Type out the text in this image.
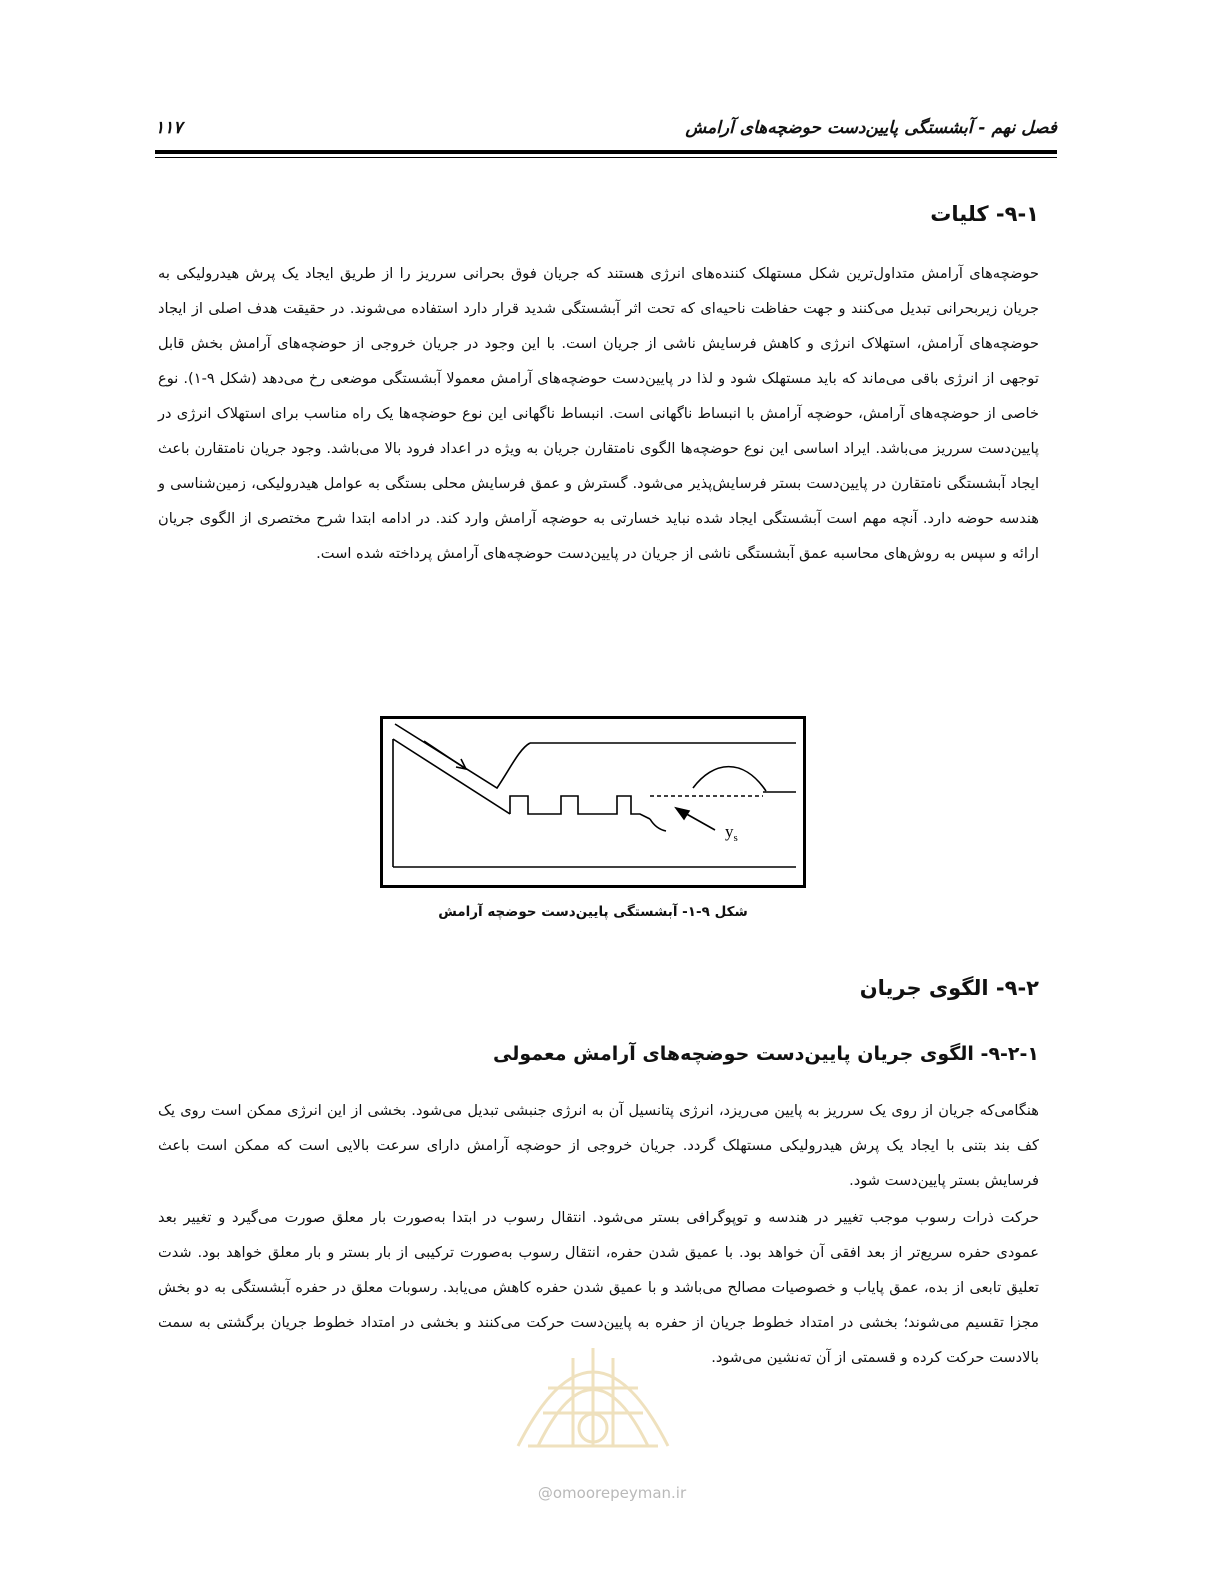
فصل نهم - آبشستگی پایین‌دست حوضچه‌های آرامش
۱۱۷
۹-۱- کلیات
حوضچه‌های آرامش متداول‌ترین شکل مستهلک کننده‌های انرژی هستند که جریان فوق بحرانی سرریز را از طریق ایجاد یک پرش هیدرولیکی به جریان زیربحرانی تبدیل می‌کنند و جهت حفاظت ناحیه‌ای که تحت اثر آبشستگی شدید قرار دارد استفاده می‌شوند. در حقیقت هدف اصلی از ایجاد حوضچه‌های آرامش، استهلاک انرژی و کاهش فرسایش ناشی از جریان است. با این وجود در جریان خروجی از حوضچه‌های آرامش بخش قابل توجهی از انرژی باقی می‌ماند که باید مستهلک شود و لذا در پایین‌دست حوضچه‌های آرامش معمولا آبشستگی موضعی رخ می‌دهد (شکل ۹-۱). نوع خاصی از حوضچه‌های آرامش، حوضچه آرامش با انبساط ناگهانی است. انبساط ناگهانی این نوع حوضچه‌ها یک راه مناسب برای استهلاک انرژی در پایین‌دست سرریز می‌باشد. ایراد اساسی این نوع حوضچه‌ها الگوی نامتقارن جریان به ویژه در اعداد فرود بالا می‌باشد. وجود جریان نامتقارن باعث ایجاد آبشستگی نامتقارن در پایین‌دست بستر فرسایش‌پذیر می‌شود. گسترش و عمق فرسایش محلی بستگی به عوامل هیدرولیکی، زمین‌شناسی و هندسه حوضه دارد. آنچه مهم است آبشستگی ایجاد شده نباید خسارتی به حوضچه آرامش وارد کند. در ادامه ابتدا شرح مختصری از الگوی جریان ارائه و سپس به روش‌های محاسبه عمق آبشستگی ناشی از جریان در پایین‌دست حوضچه‌های آرامش پرداخته شده است.
$y_s$
شکل ۹-۱- آبشستگی پایین‌دست حوضچه آرامش
۹-۲- الگوی جریان
۹-۲-۱- الگوی جریان پایین‌دست حوضچه‌های آرامش معمولی
هنگامی‌که جریان از روی یک سرریز به پایین می‌ریزد، انرژی پتانسیل آن به انرژی جنبشی تبدیل می‌شود. بخشی از این انرژی ممکن است روی یک کف بند بتنی با ایجاد یک پرش هیدرولیکی مستهلک گردد. جریان خروجی از حوضچه آرامش دارای سرعت بالایی است که ممکن است باعث فرسایش بستر پایین‌دست شود.
حرکت ذرات رسوب موجب تغییر در هندسه و توپوگرافی بستر می‌شود. انتقال رسوب در ابتدا به‌صورت بار معلق صورت می‌گیرد و تغییر بعد عمودی حفره سریع‌تر از بعد افقی آن خواهد بود. با عمیق شدن حفره، انتقال رسوب به‌صورت ترکیبی از بار بستر و بار معلق خواهد بود. شدت تعلیق تابعی از بده، عمق پایاب و خصوصیات مصالح می‌باشد و با عمیق شدن حفره کاهش می‌یابد. رسوبات معلق در حفره آبشستگی به دو بخش مجزا تقسیم می‌شوند؛ بخشی در امتداد خطوط جریان از حفره به پایین‌دست حرکت می‌کنند و بخشی در امتداد خطوط جریان برگشتی به سمت بالادست حرکت کرده و قسمتی از آن ته‌نشین می‌شود.
@omoorepeyman.ir
